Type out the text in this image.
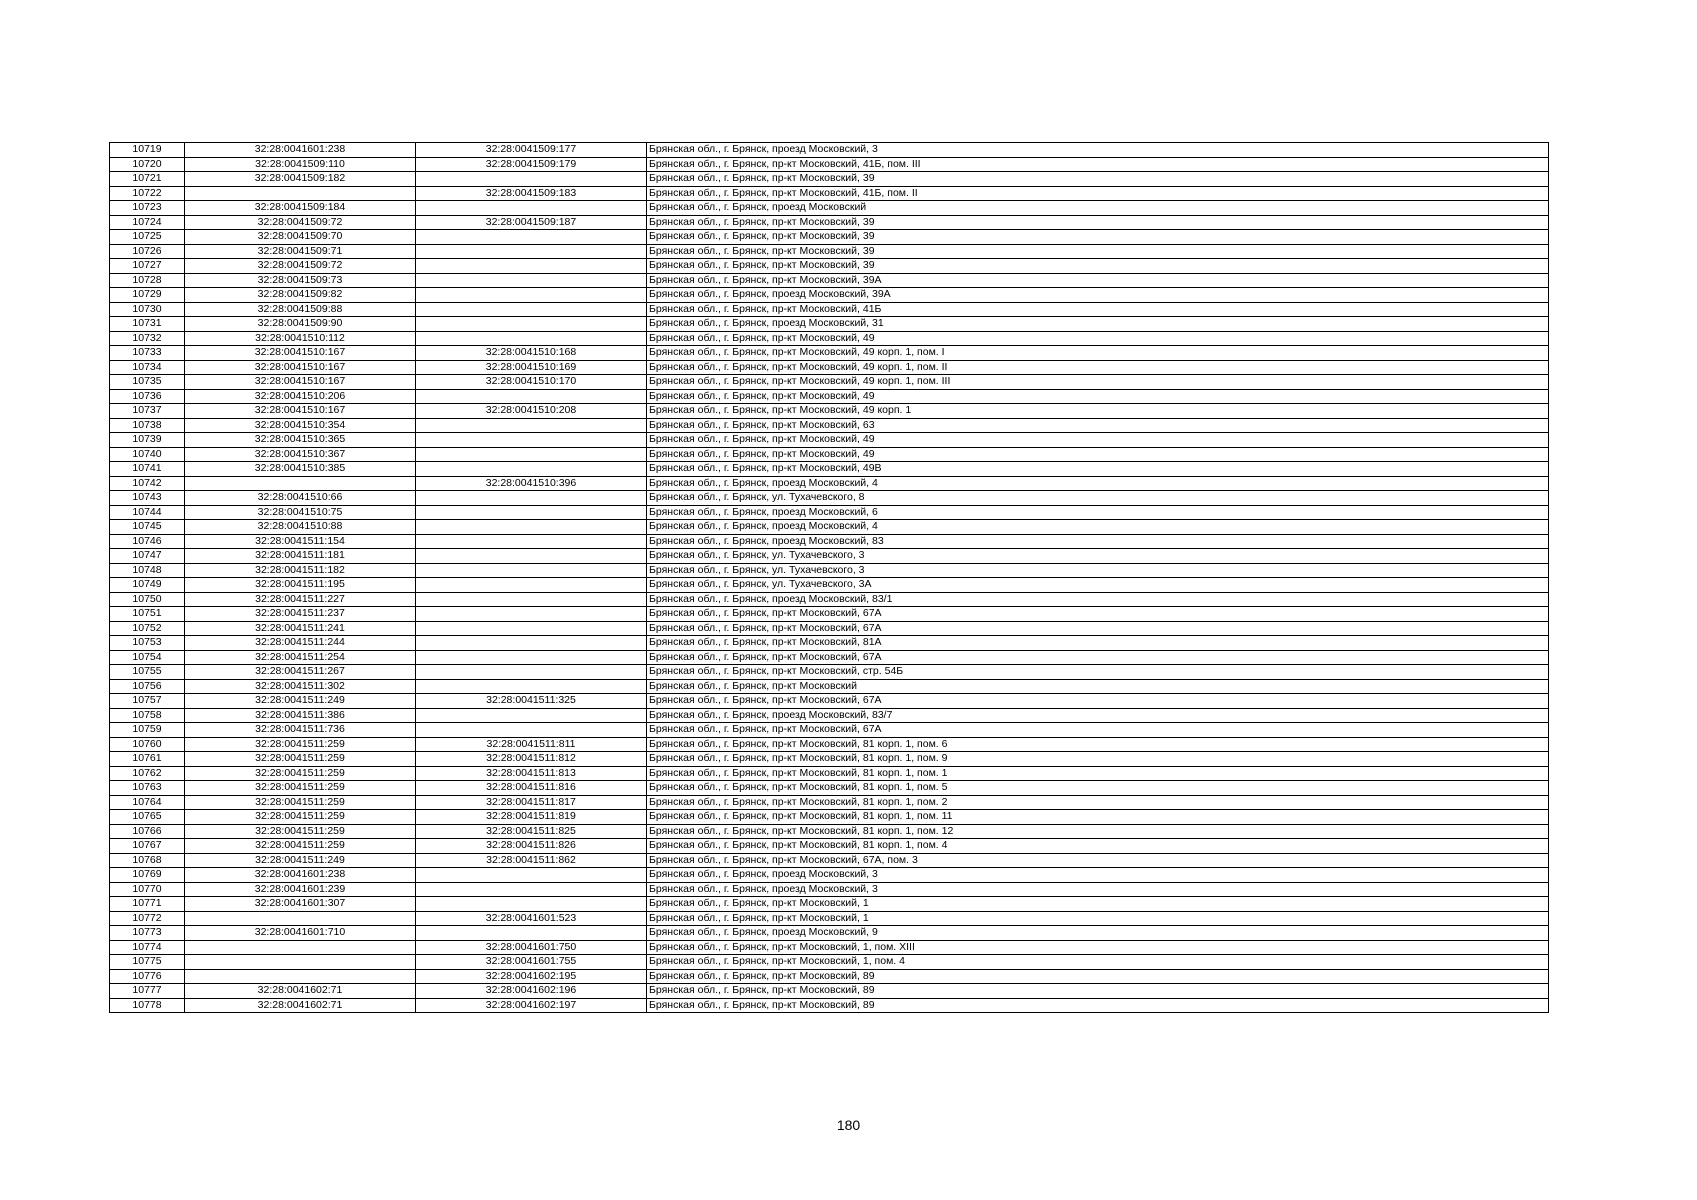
10719	32:28:0041601:238	32:28:0041509:177	Брянская обл., г. Брянск, проезд Московский, 3
10720	32:28:0041509:110	32:28:0041509:179	Брянская обл., г. Брянск, пр-кт Московский, 41Б, пом. III
10721	32:28:0041509:182		Брянская обл., г. Брянск, пр-кт Московский, 39
10722		32:28:0041509:183	Брянская обл., г. Брянск, пр-кт Московский, 41Б, пом. II
10723	32:28:0041509:184		Брянская обл., г. Брянск, проезд Московский
10724	32:28:0041509:72	32:28:0041509:187	Брянская обл., г. Брянск, пр-кт Московский, 39
10725	32:28:0041509:70		Брянская обл., г. Брянск, пр-кт Московский, 39
10726	32:28:0041509:71		Брянская обл., г. Брянск, пр-кт Московский, 39
10727	32:28:0041509:72		Брянская обл., г. Брянск, пр-кт Московский, 39
10728	32:28:0041509:73		Брянская обл., г. Брянск, пр-кт Московский, 39А
10729	32:28:0041509:82		Брянская обл., г. Брянск, проезд Московский, 39А
10730	32:28:0041509:88		Брянская обл., г. Брянск, пр-кт Московский, 41Б
10731	32:28:0041509:90		Брянская обл., г. Брянск, проезд Московский, 31
10732	32:28:0041510:112		Брянская обл., г. Брянск, пр-кт Московский, 49
10733	32:28:0041510:167	32:28:0041510:168	Брянская обл., г. Брянск, пр-кт Московский, 49 корп. 1, пом. I
10734	32:28:0041510:167	32:28:0041510:169	Брянская обл., г. Брянск, пр-кт Московский, 49 корп. 1, пом. II
10735	32:28:0041510:167	32:28:0041510:170	Брянская обл., г. Брянск, пр-кт Московский, 49 корп. 1, пом. III
10736	32:28:0041510:206		Брянская обл., г. Брянск, пр-кт Московский, 49
10737	32:28:0041510:167	32:28:0041510:208	Брянская обл., г. Брянск, пр-кт Московский, 49 корп. 1
10738	32:28:0041510:354		Брянская обл., г. Брянск, пр-кт Московский, 63
10739	32:28:0041510:365		Брянская обл., г. Брянск, пр-кт Московский, 49
10740	32:28:0041510:367		Брянская обл., г. Брянск, пр-кт Московский, 49
10741	32:28:0041510:385		Брянская обл., г. Брянск, пр-кт Московский, 49В
10742		32:28:0041510:396	Брянская обл., г. Брянск, проезд Московский, 4
10743	32:28:0041510:66		Брянская обл., г. Брянск, ул. Тухачевского, 8
10744	32:28:0041510:75		Брянская обл., г. Брянск, проезд Московский, 6
10745	32:28:0041510:88		Брянская обл., г. Брянск, проезд Московский, 4
10746	32:28:0041511:154		Брянская обл., г. Брянск, проезд Московский, 83
10747	32:28:0041511:181		Брянская обл., г. Брянск, ул. Тухачевского, 3
10748	32:28:0041511:182		Брянская обл., г. Брянск, ул. Тухачевского, 3
10749	32:28:0041511:195		Брянская обл., г. Брянск, ул. Тухачевского, 3А
10750	32:28:0041511:227		Брянская обл., г. Брянск, проезд Московский, 83/1
10751	32:28:0041511:237		Брянская обл., г. Брянск, пр-кт Московский, 67А
10752	32:28:0041511:241		Брянская обл., г. Брянск, пр-кт Московский, 67А
10753	32:28:0041511:244		Брянская обл., г. Брянск, пр-кт Московский, 81А
10754	32:28:0041511:254		Брянская обл., г. Брянск, пр-кт Московский, 67А
10755	32:28:0041511:267		Брянская обл., г. Брянск, пр-кт Московский, стр. 54Б
10756	32:28:0041511:302		Брянская обл., г. Брянск, пр-кт Московский
10757	32:28:0041511:249	32:28:0041511:325	Брянская обл., г. Брянск, пр-кт Московский, 67А
10758	32:28:0041511:386		Брянская обл., г. Брянск, проезд Московский, 83/7
10759	32:28:0041511:736		Брянская обл., г. Брянск, пр-кт Московский, 67А
10760	32:28:0041511:259	32:28:0041511:811	Брянская обл., г. Брянск, пр-кт Московский, 81 корп. 1, пом. 6
10761	32:28:0041511:259	32:28:0041511:812	Брянская обл., г. Брянск, пр-кт Московский, 81 корп. 1, пом. 9
10762	32:28:0041511:259	32:28:0041511:813	Брянская обл., г. Брянск, пр-кт Московский, 81 корп. 1, пом. 1
10763	32:28:0041511:259	32:28:0041511:816	Брянская обл., г. Брянск, пр-кт Московский, 81 корп. 1, пом. 5
10764	32:28:0041511:259	32:28:0041511:817	Брянская обл., г. Брянск, пр-кт Московский, 81 корп. 1, пом. 2
10765	32:28:0041511:259	32:28:0041511:819	Брянская обл., г. Брянск, пр-кт Московский, 81 корп. 1, пом. 11
10766	32:28:0041511:259	32:28:0041511:825	Брянская обл., г. Брянск, пр-кт Московский, 81 корп. 1, пом. 12
10767	32:28:0041511:259	32:28:0041511:826	Брянская обл., г. Брянск, пр-кт Московский, 81 корп. 1, пом. 4
10768	32:28:0041511:249	32:28:0041511:862	Брянская обл., г. Брянск, пр-кт Московский, 67А, пом. 3
10769	32:28:0041601:238		Брянская обл., г. Брянск, проезд Московский, 3
10770	32:28:0041601:239		Брянская обл., г. Брянск, проезд Московский, 3
10771	32:28:0041601:307		Брянская обл., г. Брянск, пр-кт Московский, 1
10772		32:28:0041601:523	Брянская обл., г. Брянск, пр-кт Московский, 1
10773	32:28:0041601:710		Брянская обл., г. Брянск, проезд Московский, 9
10774		32:28:0041601:750	Брянская обл., г. Брянск, пр-кт Московский, 1, пом. XIII
10775		32:28:0041601:755	Брянская обл., г. Брянск, пр-кт Московский, 1, пом. 4
10776		32:28:0041602:195	Брянская обл., г. Брянск, пр-кт Московский, 89
10777	32:28:0041602:71	32:28:0041602:196	Брянская обл., г. Брянск, пр-кт Московский, 89
10778	32:28:0041602:71	32:28:0041602:197	Брянская обл., г. Брянск, пр-кт Московский, 89
180
